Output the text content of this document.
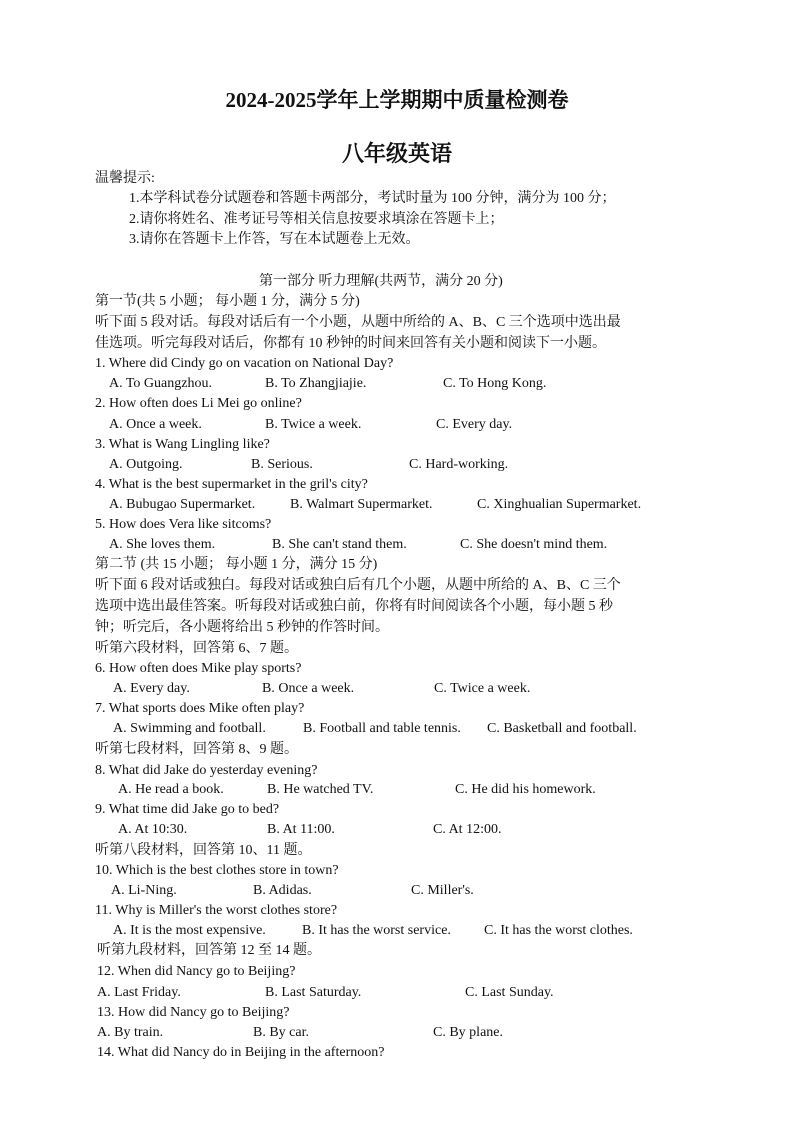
2024-2025学年上学期期中质量检测卷
八年级英语
温馨提示:
1.本学科试卷分试题卷和答题卡两部分，考试时量为 100 分钟，满分为 100 分；
2.请你将姓名、准考证号等相关信息按要求填涂在答题卡上；
3.请你在答题卡上作答，写在本试题卷上无效。
第一部分 听力理解(共两节，满分 20 分)
第一节(共 5 小题； 每小题 1 分，满分 5 分)
听下面 5 段对话。每段对话后有一个小题，从题中所给的 A、B、C 三个选项中选出最
佳选项。听完每段对话后，你都有 10 秒钟的时间来回答有关小题和阅读下一小题。
1. Where did Cindy go on vacation on National Day?
A. To Guangzhou.	B. To Zhangjiajie.	C. To Hong Kong.
2. How often does Li Mei go online?
A. Once a week.	B. Twice a week.	C. Every day.
3. What is Wang Lingling like?
A. Outgoing.	B. Serious.	C. Hard-working.
4. What is the best supermarket in the gril's city?
A. Bubugao Supermarket. B. Walmart Supermarket.	C. Xinghualian Supermarket.
5. How does Vera like sitcoms?
A. She loves them.	B. She can't stand them.	C. She doesn't mind them.
第二节 (共 15 小题； 每小题 1 分，满分 15 分)
听下面 6 段对话或独白。每段对话或独白后有几个小题，从题中所给的 A、B、C 三个
选项中选出最佳答案。听每段对话或独白前，你将有时间阅读各个小题，每小题 5 秒
钟；听完后，各小题将给出 5 秒钟的作答时间。
听第六段材料，回答第 6、7 题。
6. How often does Mike play sports?
A. Every day.	B. Once a week.	C. Twice a week.
7. What sports does Mike often play?
A. Swimming and football.	B. Football and table tennis. C. Basketball and football.
听第七段材料，回答第 8、9 题。
8. What did Jake do yesterday evening?
A. He read a book.	B. He watched TV.	C. He did his homework.
9. What time did Jake go to bed?
A. At 10:30.	B. At 11:00.	C. At 12:00.
听第八段材料，回答第 10、11 题。
10. Which is the best clothes store in town?
A. Li-Ning.	B. Adidas.	C. Miller's.
11. Why is Miller's the worst clothes store?
A. It is the most expensive.	B. It has the worst service. C. It has the worst clothes.
听第九段材料，回答第 12 至 14 题。
12. When did Nancy go to Beijing?
A. Last Friday.	B. Last Saturday.	C. Last Sunday.
13. How did Nancy go to Beijing?
A. By train.	B. By car.	C. By plane.
14. What did Nancy do in Beijing in the afternoon?
